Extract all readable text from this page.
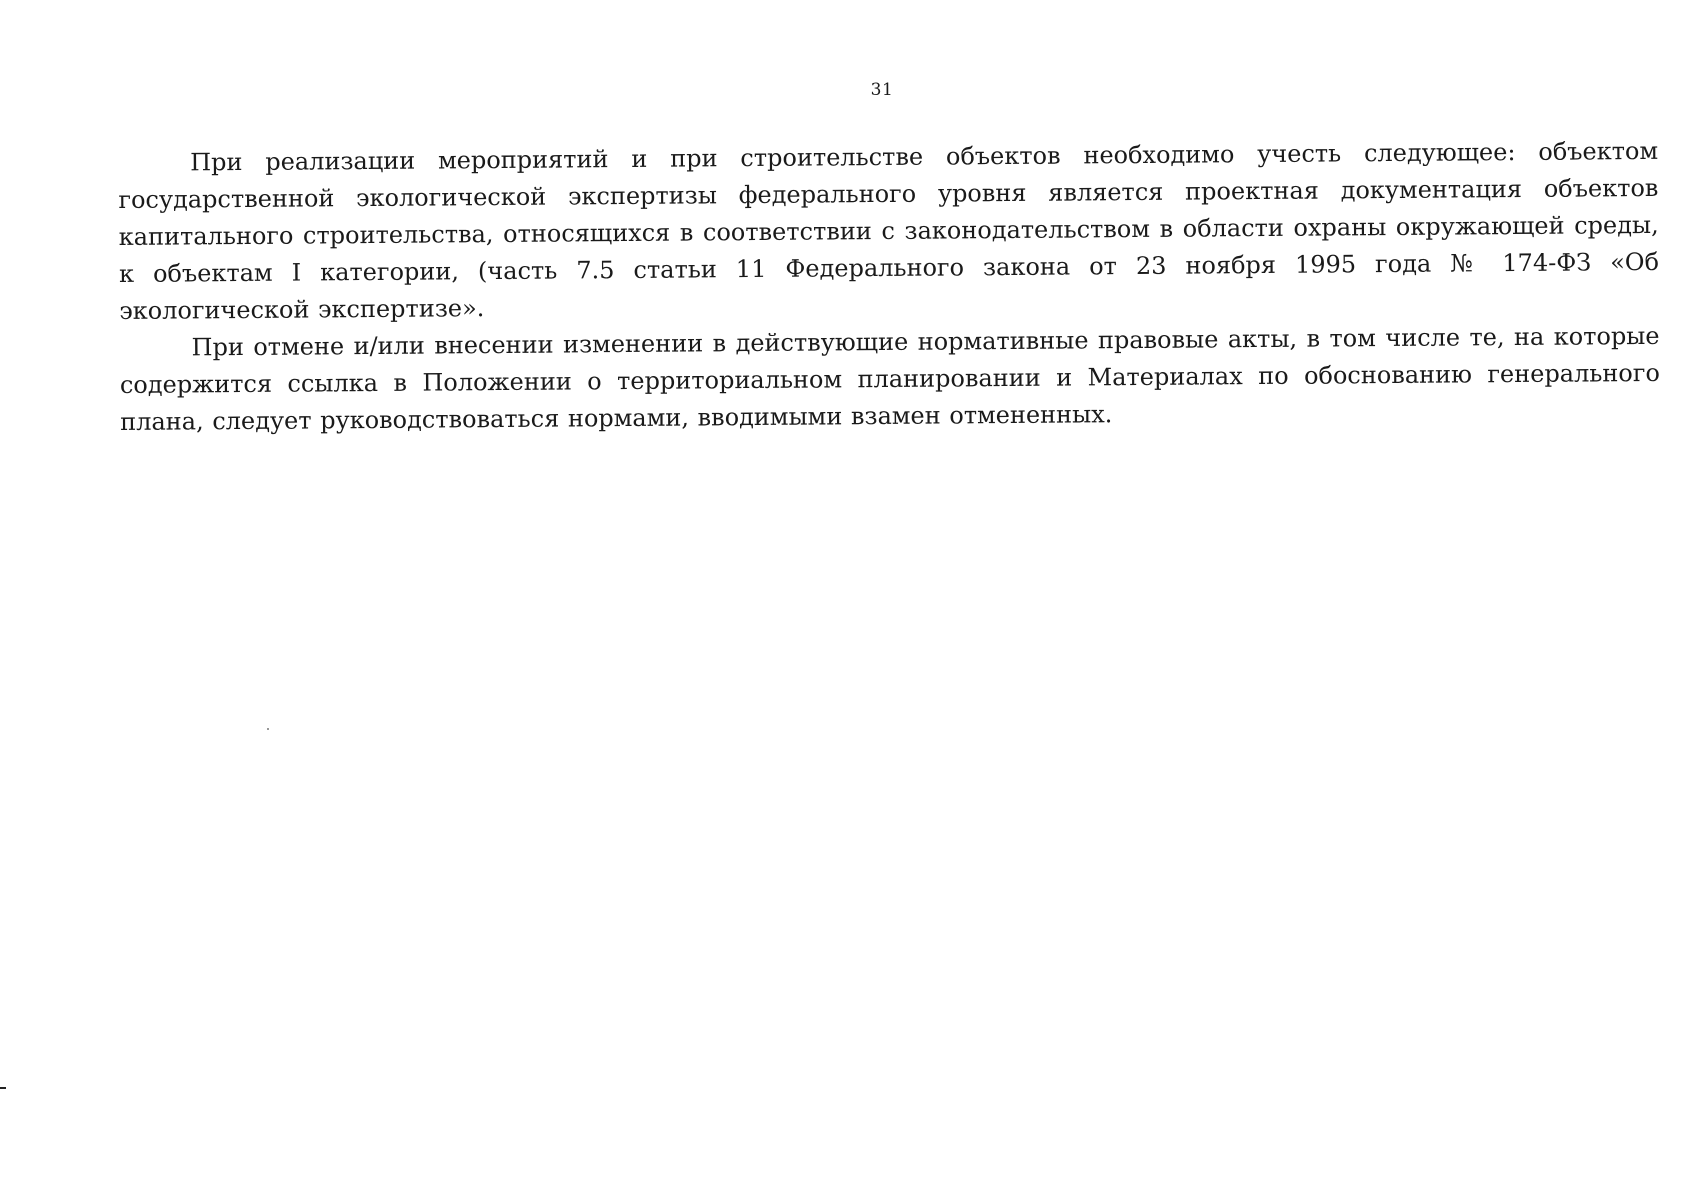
31

При реализации мероприятий и при строительстве объектов необходимо учесть следующее: объектом государственной экологической экспертизы федерального уровня является проектная документация объектов капитального строительства, относящихся в соответствии с законодательством в области охраны окружающей среды, к объектам I категории, (часть 7.5 статьи 11 Федерального закона от 23 ноября 1995 года № 174-ФЗ «Об экологической экспертизе».

При отмене и/или внесении изменении в действующие нормативные правовые акты, в том числе те, на которые содержится ссылка в Положении о территориальном планировании и Материалах по обоснованию генерального плана, следует руководствоваться нормами, вводимыми взамен отмененных.
